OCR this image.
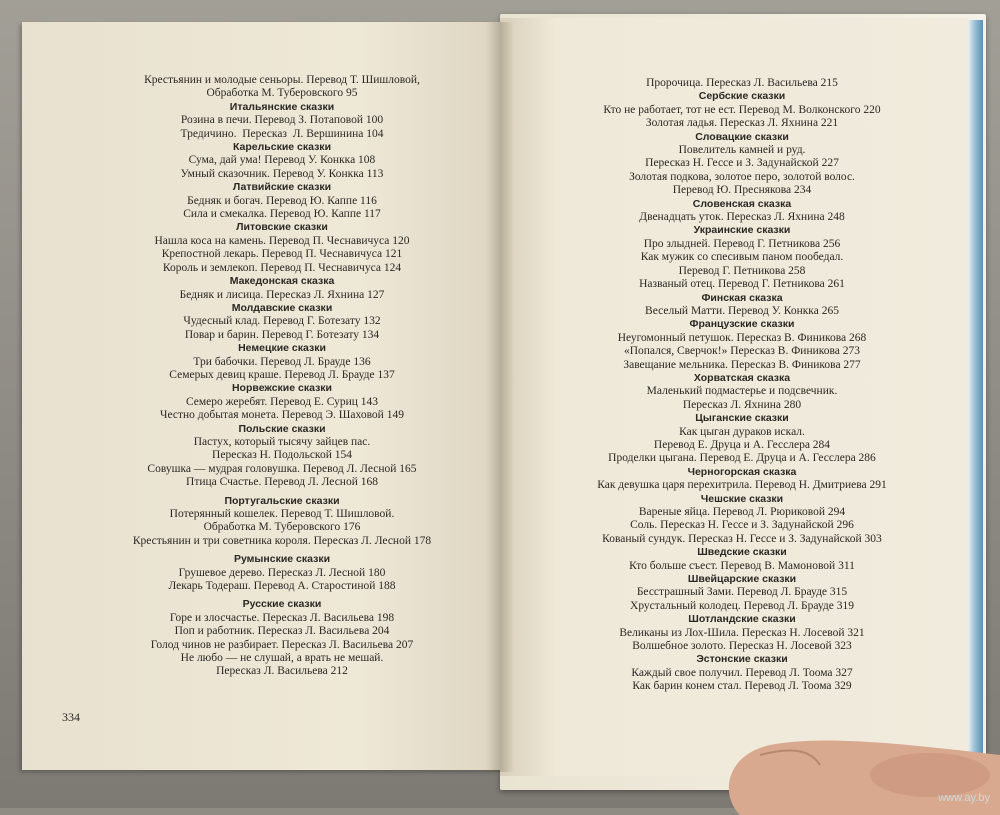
Крестьянин и молодые сеньоры. Перевод Т. Шишловой,
Обработка М. Туберовского 95
Итальянские сказки
Розина в печи. Перевод З. Потаповой 100
Тредичино.  Пересказ  Л. Вершинина 104
Карельские сказки
Сума, дай ума! Перевод У. Конкка 108
Умный сказочник. Перевод У. Конкка 113
Латвийские сказки
Бедняк и богач. Перевод Ю. Каппе 116
Сила и смекалка. Перевод Ю. Каппе 117
Литовские сказки
Нашла коса на камень. Перевод П. Чеснавичуса 120
Крепостной лекарь. Перевод П. Чеснавичуса 121
Король и землекоп. Перевод П. Чеснавичуса 124
Македонская сказка
Бедняк и лисица. Пересказ Л. Яхнина 127
Молдавские сказки
Чудесный клад. Перевод Г. Ботезату 132
Повар и барин. Перевод Г. Ботезату 134
Немецкие сказки
Три бабочки. Перевод Л. Брауде 136
Семерых девиц краше. Перевод Л. Брауде 137
Норвежские сказки
Семеро жеребят. Перевод Е. Суриц 143
Честно добытая монета. Перевод Э. Шаховой 149
Польские сказки
Пастух, который тысячу зайцев пас.
Пересказ Н. Подольской 154
Совушка — мудрая головушка. Перевод Л. Лесной 165
Птица Счастье. Перевод Л. Лесной 168
Португальские сказки
Потерянный кошелек. Перевод Т. Шишловой.
Обработка М. Туберовского 176
Крестьянин и три советника короля. Пересказ Л. Лесной 178
Румынские сказки
Грушевое дерево. Пересказ Л. Лесной 180
Лекарь Тодераш. Перевод А. Старостиной 188
Русские сказки
Горе и злосчастье. Пересказ Л. Васильева 198
Поп и работник. Пересказ Л. Васильева 204
Голод чинов не разбирает. Пересказ Л. Васильева 207
Не любо — не слушай, а врать не мешай.
Пересказ Л. Васильева 212
334
Пророчица. Пересказ Л. Васильева 215
Сербские сказки
Кто не работает, тот не ест. Перевод М. Волконского 220
Золотая ладья. Пересказ Л. Яхнина 221
Словацкие сказки
Повелитель камней и руд.
Пересказ Н. Гессе и З. Задунайской 227
Золотая подкова, золотое перо, золотой волос.
Перевод Ю. Преснякова 234
Словенская сказка
Двенадцать уток. Пересказ Л. Яхнина 248
Украинские сказки
Про злыдней. Перевод Г. Петникова 256
Как мужик со спесивым паном пообедал.
Перевод Г. Петникова 258
Названый отец. Перевод Г. Петникова 261
Финская сказка
Веселый Матти. Перевод У. Конкка 265
Французские сказки
Неугомонный петушок. Пересказ В. Финикова 268
«Попался, Сверчок!» Пересказ В. Финикова 273
Завещание мельника. Пересказ В. Финикова 277
Хорватская сказка
Маленький подмастерье и подсвечник.
Пересказ Л. Яхнина 280
Цыганские сказки
Как цыган дураков искал.
Перевод Е. Друца и А. Гесслера 284
Проделки цыгана. Перевод Е. Друца и А. Гесслера 286
Черногорская сказка
Как девушка царя перехитрила. Перевод Н. Дмитриева 291
Чешские сказки
Вареные яйца. Перевод Л. Рюриковой 294
Соль. Пересказ Н. Гессе и З. Задунайской 296
Кованый сундук. Пересказ Н. Гессе и З. Задунайской 303
Шведские сказки
Кто больше съест. Перевод В. Мамоновой 311
Швейцарские сказки
Бесстрашный Зами. Перевод Л. Брауде 315
Хрустальный колодец. Перевод Л. Брауде 319
Шотландские сказки
Великаны из Лох-Шила. Пересказ Н. Лосевой 321
Волшебное золото. Пересказ Н. Лосевой 323
Эстонские сказки
Каждый свое получил. Перевод Л. Тоома 327
Как барин конем стал. Перевод Л. Тоома 329
www.ay.by
